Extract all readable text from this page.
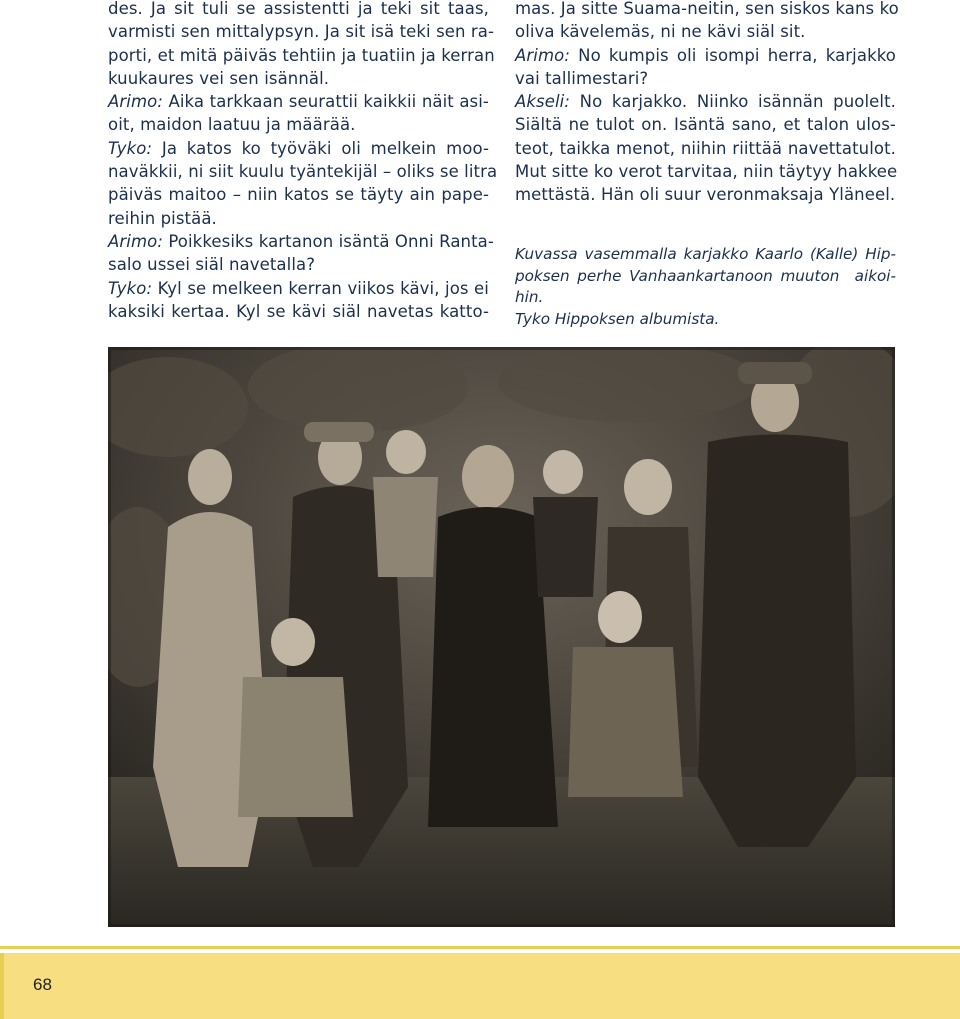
des. Ja sit tuli se assistentti ja teki sit taas,
varmisti sen mittalypsyn. Ja sit isä teki sen ra-
porti, et mitä päiväs tehtiin ja tuatiin ja kerran
kuukaures vei sen isännäl.
Arimo: Aika tarkkaan seurattii kaikkii näit asi-
oit, maidon laatuu ja määrää.
Tyko: Ja katos ko työväki oli melkein moo-
naväkkii, ni siit kuulu tyäntekijäl – oliks se litra
päiväs maitoo – niin katos se täyty ain pape-
reihin pistää.
Arimo: Poikkesiks kartanon isäntä Onni Ranta-
salo ussei siäl navetalla?
Tyko: Kyl se melkeen kerran viikos kävi, jos ei
kaksiki kertaa. Kyl se kävi siäl navetas katto-
mas. Ja sitte Suama-neitin, sen siskos kans ko
oliva kävelemäs, ni ne kävi siäl sit.
Arimo: No kumpis oli isompi herra, karjakko
vai tallimestari?
Akseli: No karjakko. Niinko isännän puolelt.
Siältä ne tulot on. Isäntä sano, et talon ulos-
teot, taikka menot, niihin riittää navettatulot.
Mut sitte ko verot tarvitaa, niin täytyy hakkee
mettästä. Hän oli suur veronmaksaja Yläneel.
Kuvassa vasemmalla karjakko Kaarlo (Kalle) Hip-
poksen perhe Vanhaankartanoon muuton  aikoi-
hin.
Tyko Hippoksen albumista.
68
